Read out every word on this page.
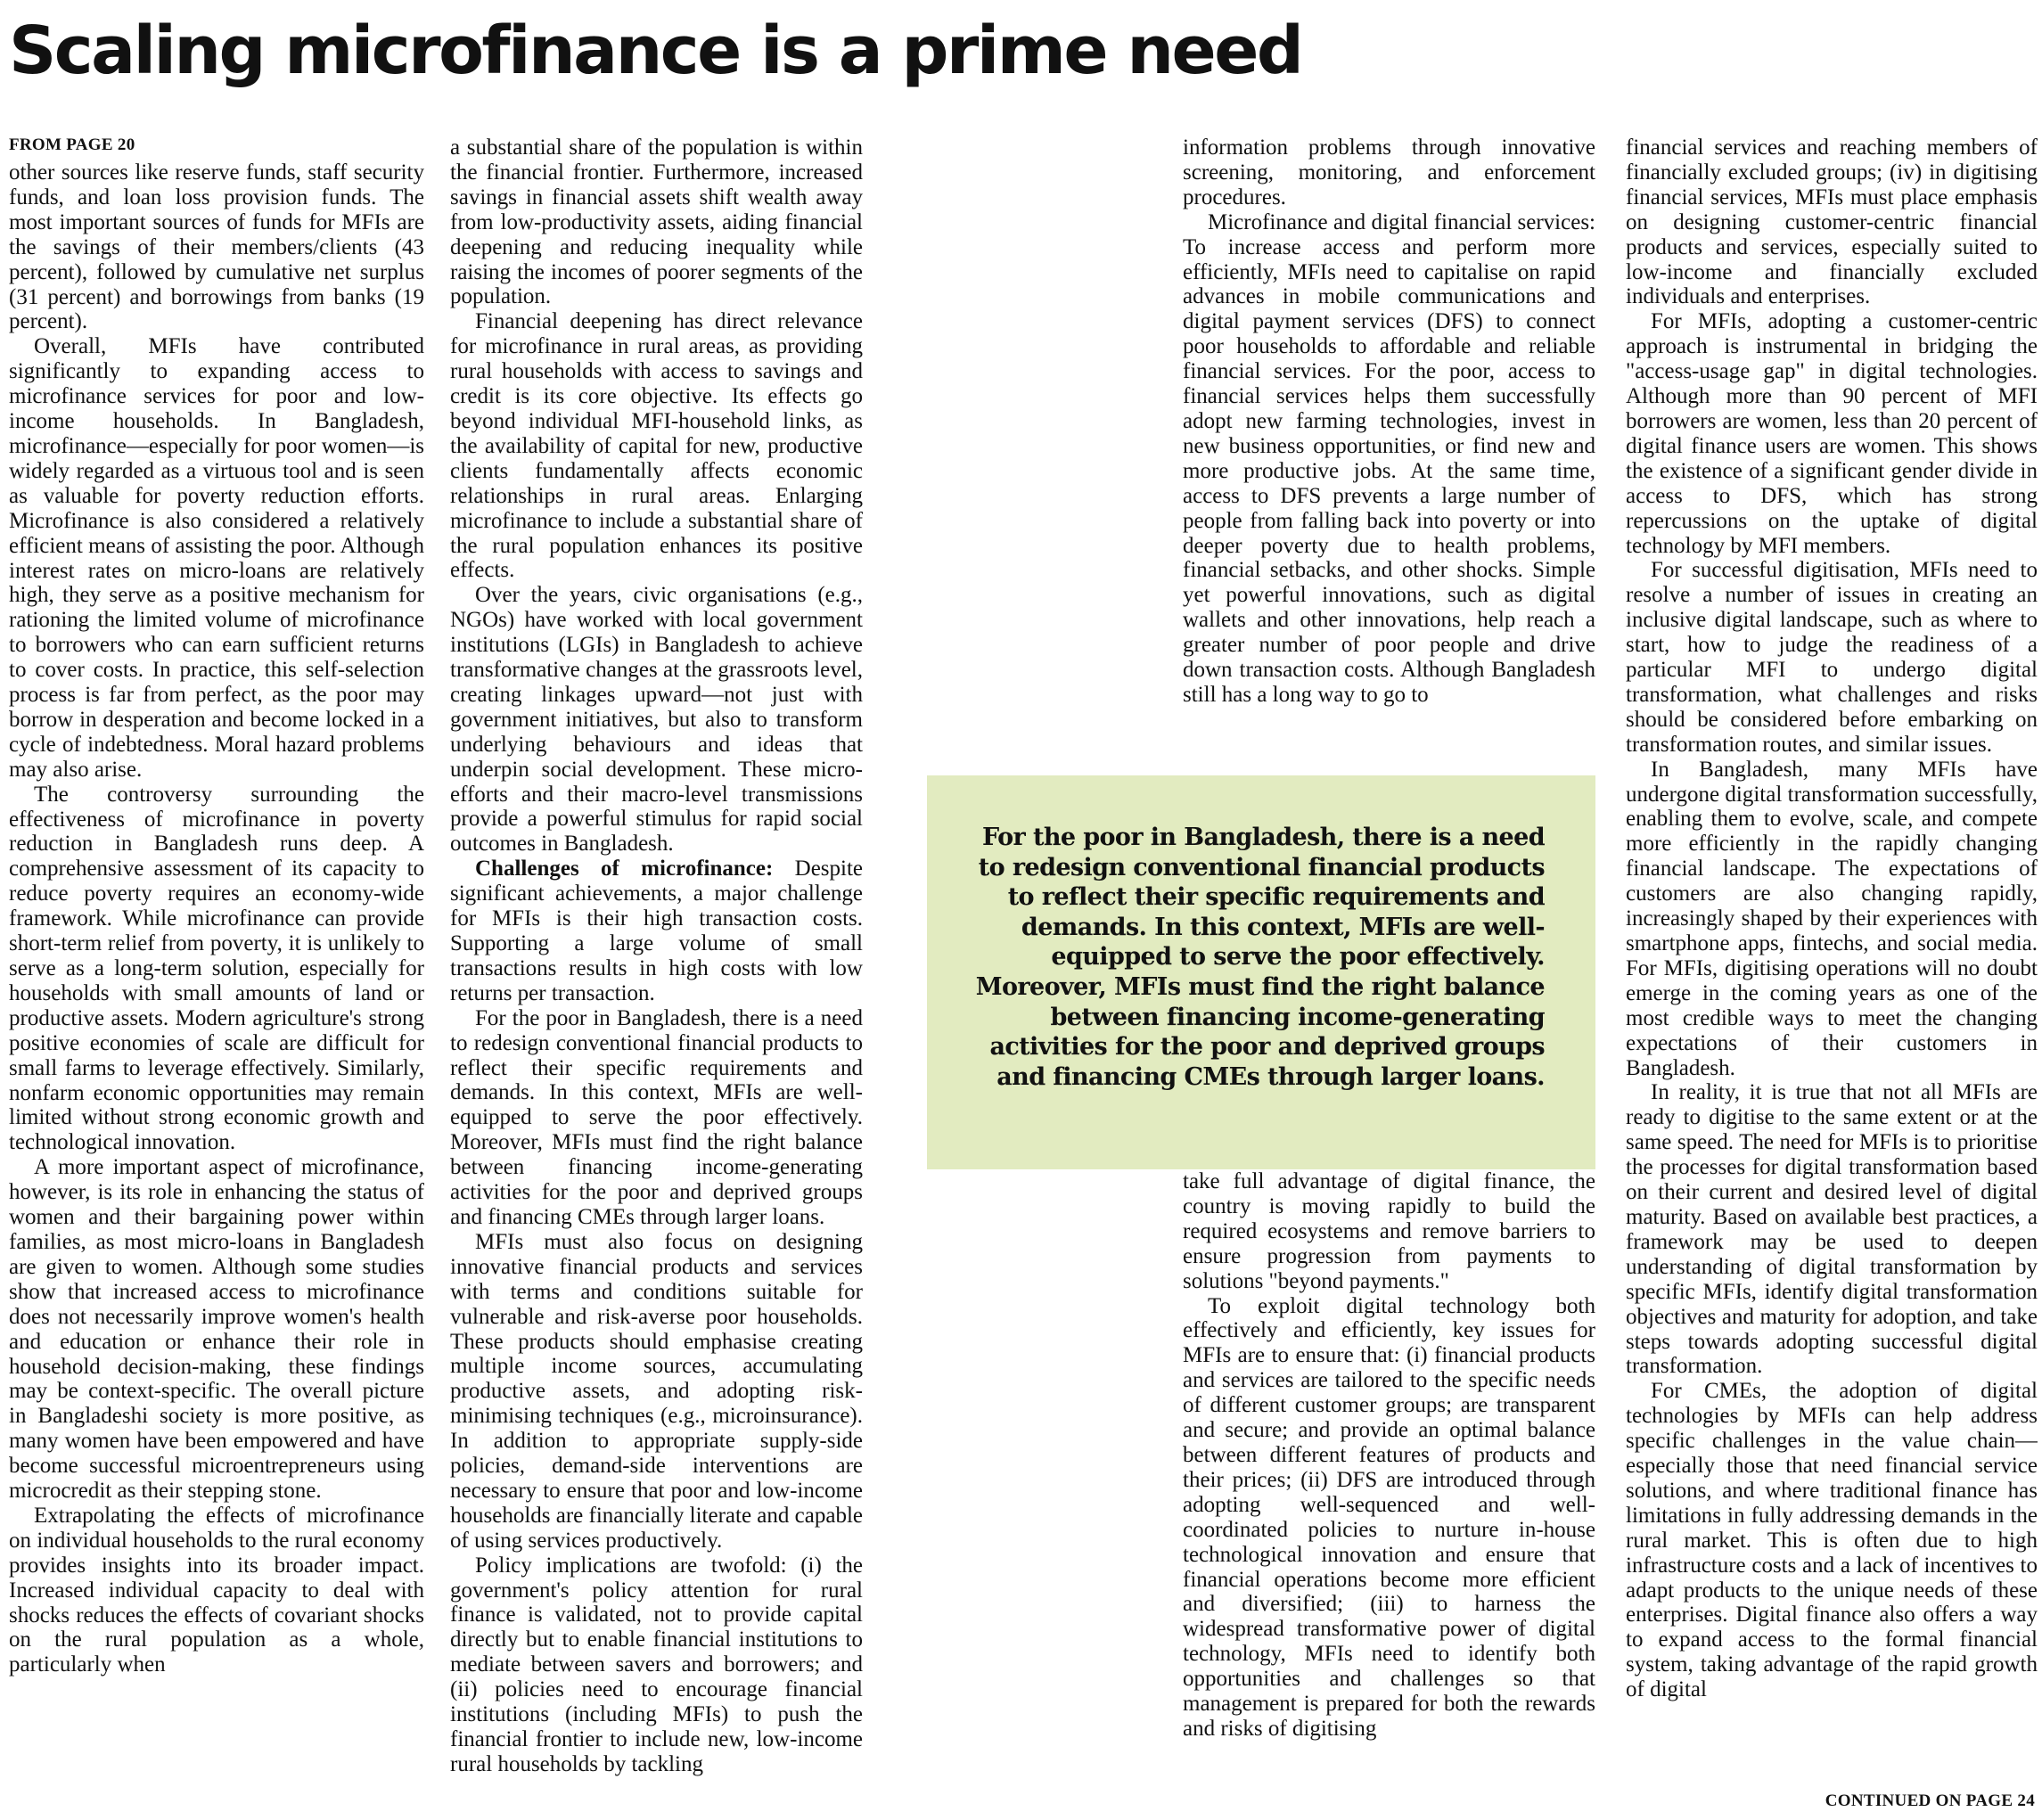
Scaling microfinance is a prime need
FROM PAGE 20

other sources like reserve funds, staff security funds, and loan loss provision funds. The most important sources of funds for MFIs are the savings of their members/clients (43 percent), followed by cumulative net surplus (31 percent) and borrowings from banks (19 percent).

Overall, MFIs have contributed significantly to expanding access to microfinance services for poor and low-income households. In Bangladesh, microfinance—especially for poor women—is widely regarded as a virtuous tool and is seen as valuable for poverty reduction efforts. Microfinance is also considered a relatively efficient means of assisting the poor. Although interest rates on micro-loans are relatively high, they serve as a positive mechanism for rationing the limited volume of microfinance to borrowers who can earn sufficient returns to cover costs. In practice, this self-selection process is far from perfect, as the poor may borrow in desperation and become locked in a cycle of indebtedness. Moral hazard problems may also arise.

The controversy surrounding the effectiveness of microfinance in poverty reduction in Bangladesh runs deep. A comprehensive assessment of its capacity to reduce poverty requires an economy-wide framework. While microfinance can provide short-term relief from poverty, it is unlikely to serve as a long-term solution, especially for households with small amounts of land or productive assets. Modern agriculture's strong positive economies of scale are difficult for small farms to leverage effectively. Similarly, nonfarm economic opportunities may remain limited without strong economic growth and technological innovation.

A more important aspect of microfinance, however, is its role in enhancing the status of women and their bargaining power within families, as most micro-loans in Bangladesh are given to women. Although some studies show that increased access to microfinance does not necessarily improve women's health and education or enhance their role in household decision-making, these findings may be context-specific. The overall picture in Bangladeshi society is more positive, as many women have been empowered and have become successful microentrepreneurs using microcredit as their stepping stone.

Extrapolating the effects of microfinance on individual households to the rural economy provides insights into its broader impact. Increased individual capacity to deal with shocks reduces the effects of covariant shocks on the rural population as a whole, particularly when

a substantial share of the population is within the financial frontier. Furthermore, increased savings in financial assets shift wealth away from low-productivity assets, aiding financial deepening and reducing inequality while raising the incomes of poorer segments of the population.

Financial deepening has direct relevance for microfinance in rural areas, as providing rural households with access to savings and credit is its core objective. Its effects go beyond individual MFI-household links, as the availability of capital for new, productive clients fundamentally affects economic relationships in rural areas. Enlarging microfinance to include a substantial share of the rural population enhances its positive effects.

Over the years, civic organisations (e.g., NGOs) have worked with local government institutions (LGIs) in Bangladesh to achieve transformative changes at the grassroots level, creating linkages upward—not just with government initiatives, but also to transform underlying behaviours and ideas that underpin social development. These micro-efforts and their macro-level transmissions provide a powerful stimulus for rapid social outcomes in Bangladesh.

Challenges of microfinance: Despite significant achievements, a major challenge for MFIs is their high transaction costs. Supporting a large volume of small transactions results in high costs with low returns per transaction.

For the poor in Bangladesh, there is a need to redesign conventional financial products to reflect their specific requirements and demands. In this context, MFIs are well-equipped to serve the poor effectively. Moreover, MFIs must find the right balance between financing income-generating activities for the poor and deprived groups and financing CMEs through larger loans.

MFIs must also focus on designing innovative financial products and services with terms and conditions suitable for vulnerable and risk-averse poor households. These products should emphasise creating multiple income sources, accumulating productive assets, and adopting risk-minimising techniques (e.g., microinsurance). In addition to appropriate supply-side policies, demand-side interventions are necessary to ensure that poor and low-income households are financially literate and capable of using services productively.

Policy implications are twofold: (i) the government's policy attention for rural finance is validated, not to provide capital directly but to enable financial institutions to mediate between savers and borrowers; and (ii) policies need to encourage financial institutions (including MFIs) to push the financial frontier to include new, low-income rural households by tackling

information problems through innovative screening, monitoring, and enforcement procedures.

Microfinance and digital financial services: To increase access and perform more efficiently, MFIs need to capitalise on rapid advances in mobile communications and digital payment services (DFS) to connect poor households to affordable and reliable financial services. For the poor, access to financial services helps them successfully adopt new farming technologies, invest in new business opportunities, or find new and more productive jobs. At the same time, access to DFS prevents a large number of people from falling back into poverty or into deeper poverty due to health problems, financial setbacks, and other shocks. Simple yet powerful innovations, such as digital wallets and other innovations, help reach a greater number of poor people and drive down transaction costs. Although Bangladesh still has a long way to go to

For the poor in Bangladesh, there is a need to redesign conventional financial products to reflect their specific requirements and demands. In this context, MFIs are well-equipped to serve the poor effectively. Moreover, MFIs must find the right balance between financing income-generating activities for the poor and deprived groups and financing CMEs through larger loans.

take full advantage of digital finance, the country is moving rapidly to build the required ecosystems and remove barriers to ensure progression from payments to solutions "beyond payments."

To exploit digital technology both effectively and efficiently, key issues for MFIs are to ensure that: (i) financial products and services are tailored to the specific needs of different customer groups; are transparent and secure; and provide an optimal balance between different features of products and their prices; (ii) DFS are introduced through adopting well-sequenced and well-coordinated policies to nurture in-house technological innovation and ensure that financial operations become more efficient and diversified; (iii) to harness the widespread transformative power of digital technology, MFIs need to identify both opportunities and challenges so that management is prepared for both the rewards and risks of digitising

financial services and reaching members of financially excluded groups; (iv) in digitising financial services, MFIs must place emphasis on designing customer-centric financial products and services, especially suited to low-income and financially excluded individuals and enterprises.

For MFIs, adopting a customer-centric approach is instrumental in bridging the "access-usage gap" in digital technologies. Although more than 90 percent of MFI borrowers are women, less than 20 percent of digital finance users are women. This shows the existence of a significant gender divide in access to DFS, which has strong repercussions on the uptake of digital technology by MFI members.

For successful digitisation, MFIs need to resolve a number of issues in creating an inclusive digital landscape, such as where to start, how to judge the readiness of a particular MFI to undergo digital transformation, what challenges and risks should be considered before embarking on transformation routes, and similar issues.

In Bangladesh, many MFIs have undergone digital transformation successfully, enabling them to evolve, scale, and compete more efficiently in the rapidly changing financial landscape. The expectations of customers are also changing rapidly, increasingly shaped by their experiences with smartphone apps, fintechs, and social media. For MFIs, digitising operations will no doubt emerge in the coming years as one of the most credible ways to meet the changing expectations of their customers in Bangladesh.

In reality, it is true that not all MFIs are ready to digitise to the same extent or at the same speed. The need for MFIs is to prioritise the processes for digital transformation based on their current and desired level of digital maturity. Based on available best practices, a framework may be used to deepen understanding of digital transformation by specific MFIs, identify digital transformation objectives and maturity for adoption, and take steps towards adopting successful digital transformation.

For CMEs, the adoption of digital technologies by MFIs can help address specific challenges in the value chain—especially those that need financial service solutions, and where traditional finance has limitations in fully addressing demands in the rural market. This is often due to high infrastructure costs and a lack of incentives to adapt products to the unique needs of these enterprises. Digital finance also offers a way to expand access to the formal financial system, taking advantage of the rapid growth of digital

CONTINUED ON PAGE 24
